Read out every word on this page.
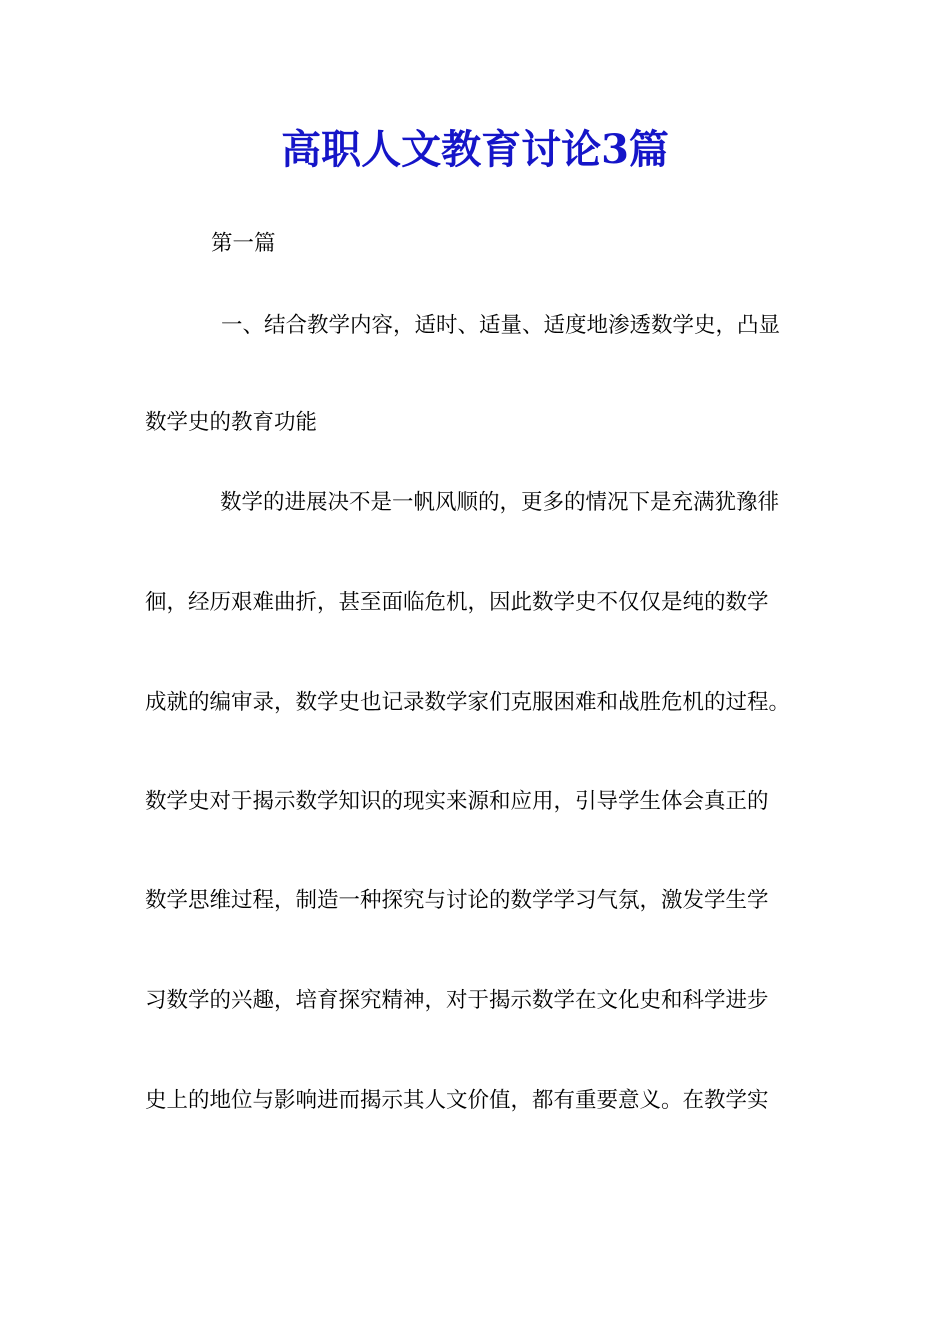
高职人文教育讨论3篇

第一篇

一、结合教学内容，适时、适量、适度地渗透数学史，凸显

数学史的教育功能

数学的进展决不是一帆风顺的，更多的情况下是充满犹豫徘

徊，经历艰难曲折，甚至面临危机，因此数学史不仅仅是纯的数学

成就的编审录，数学史也记录数学家们克服困难和战胜危机的过程。

数学史对于揭示数学知识的现实来源和应用，引导学生体会真正的

数学思维过程，制造一种探究与讨论的数学学习气氛，激发学生学

习数学的兴趣，培育探究精神，对于揭示数学在文化史和科学进步

史上的地位与影响进而揭示其人文价值，都有重要意义。在教学实
